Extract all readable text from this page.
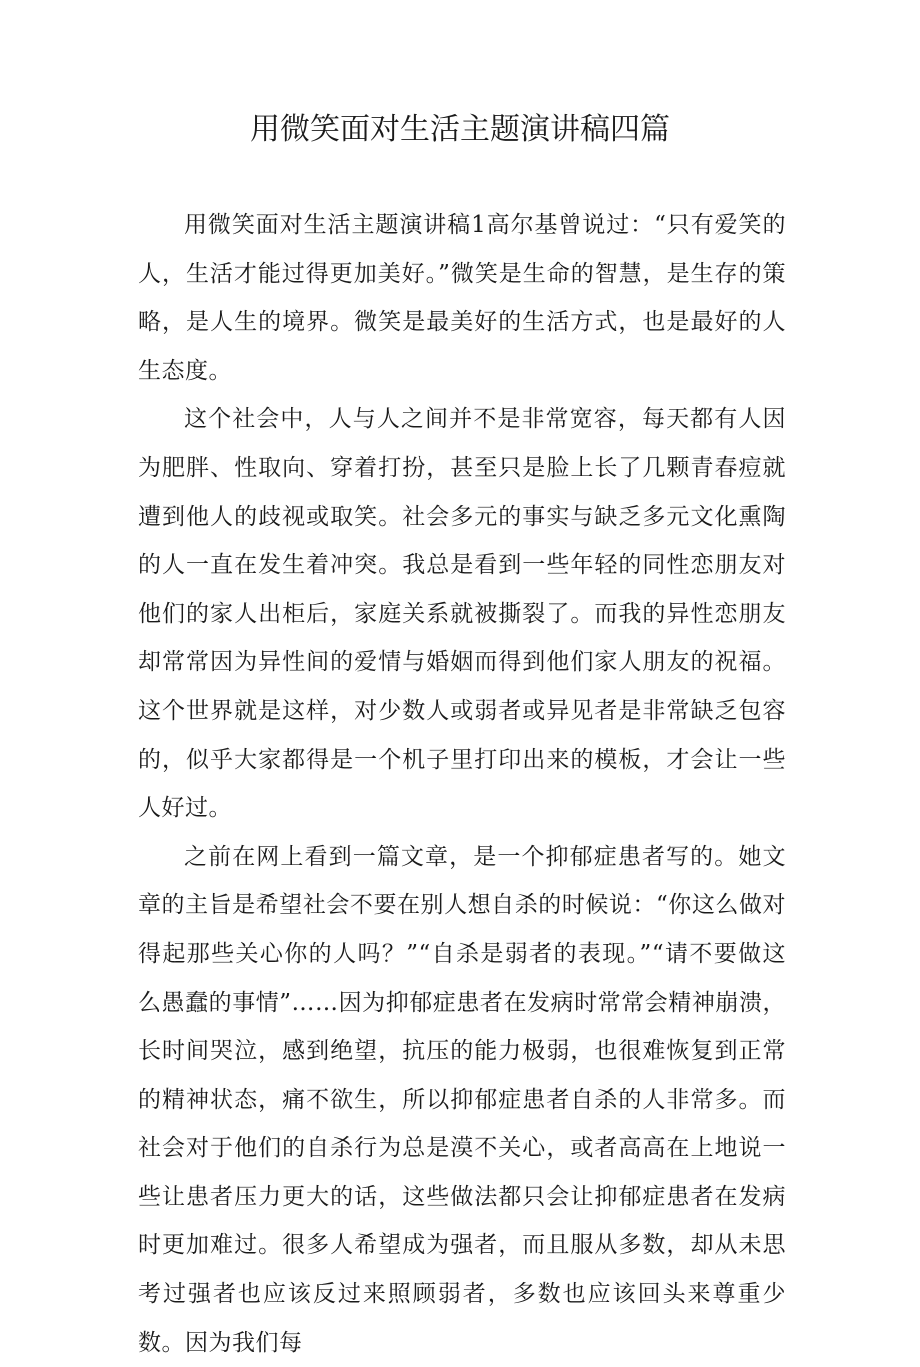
用微笑面对生活主题演讲稿四篇

用微笑面对生活主题演讲稿1高尔基曾说过：“只有爱笑的人，生活才能过得更加美好。”微笑是生命的智慧，是生存的策略，是人生的境界。微笑是最美好的生活方式，也是最好的人生态度。

这个社会中，人与人之间并不是非常宽容，每天都有人因为肥胖、性取向、穿着打扮，甚至只是脸上长了几颗青春痘就遭到他人的歧视或取笑。社会多元的事实与缺乏多元文化熏陶的人一直在发生着冲突。我总是看到一些年轻的同性恋朋友对他们的家人出柜后，家庭关系就被撕裂了。而我的异性恋朋友却常常因为异性间的爱情与婚姻而得到他们家人朋友的祝福。这个世界就是这样，对少数人或弱者或异见者是非常缺乏包容的，似乎大家都得是一个机子里打印出来的模板，才会让一些人好过。

之前在网上看到一篇文章，是一个抑郁症患者写的。她文章的主旨是希望社会不要在别人想自杀的时候说：“你这么做对得起那些关心你的人吗？”“自杀是弱者的表现。”“请不要做这么愚蠢的事情”……因为抑郁症患者在发病时常常会精神崩溃，长时间哭泣，感到绝望，抗压的能力极弱，也很难恢复到正常的精神状态，痛不欲生，所以抑郁症患者自杀的人非常多。而社会对于他们的自杀行为总是漠不关心，或者高高在上地说一些让患者压力更大的话，这些做法都只会让抑郁症患者在发病时更加难过。很多人希望成为强者，而且服从多数，却从未思考过强者也应该反过来照顾弱者，多数也应该回头来尊重少数。因为我们每
